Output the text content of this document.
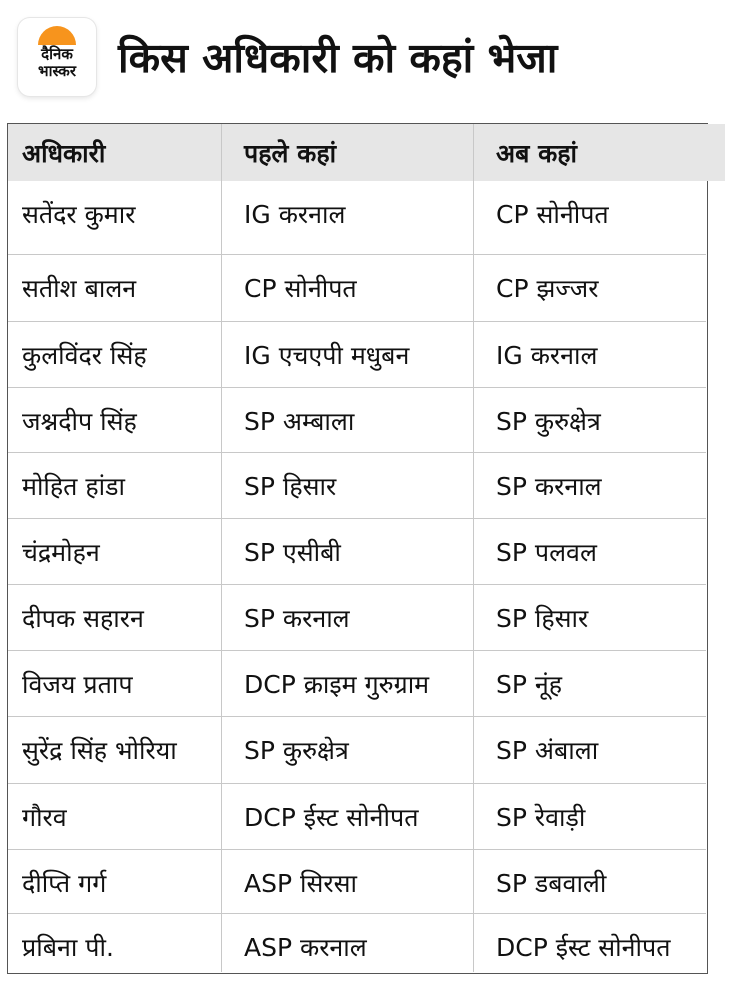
दैनिक
भास्कर	किस अधिकारी को कहां भेजा
अधिकारी	पहले कहां	अब कहां
सतेंदर कुमार	IG करनाल	CP सोनीपत
सतीश बालन	CP सोनीपत	CP झज्जर
कुलविंदर सिंह	IG एचएपी मधुबन	IG करनाल
जश्नदीप सिंह	SP अम्बाला	SP कुरुक्षेत्र
मोहित हांडा	SP हिसार	SP करनाल
चंद्रमोहन	SP एसीबी	SP पलवल
दीपक सहारन	SP करनाल	SP हिसार
विजय प्रताप	DCP क्राइम गुरुग्राम	SP नूंह
सुरेंद्र सिंह भोरिया	SP कुरुक्षेत्र	SP अंबाला
गौरव	DCP ईस्ट सोनीपत	SP रेवाड़ी
दीप्ति गर्ग	ASP सिरसा	SP डबवाली
प्रबिना पी.	ASP करनाल	DCP ईस्ट सोनीपत
